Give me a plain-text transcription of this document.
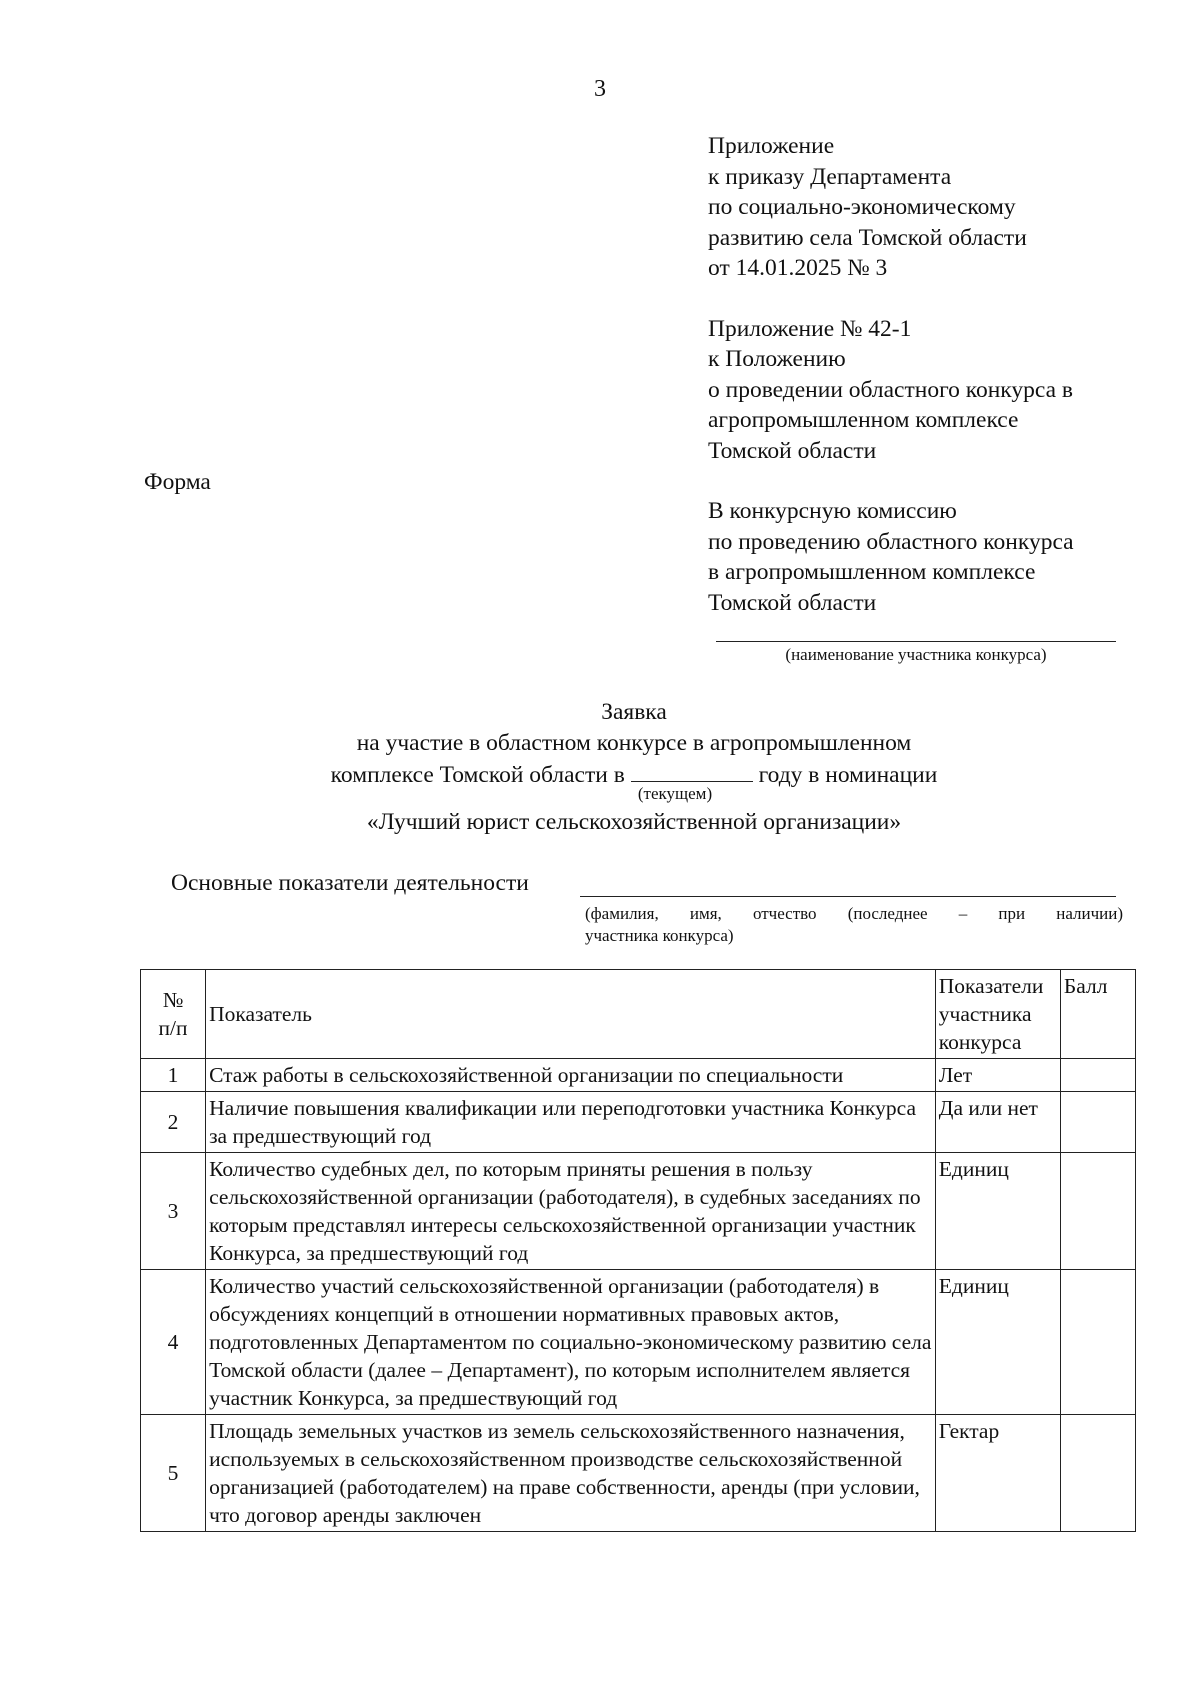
3
Приложение
к приказу Департамента
по социально-экономическому
развитию села Томской области
от 14.01.2025 № 3
Приложение № 42-1
к Положению
о проведении областного конкурса в
агропромышленном комплексе
Томской области
В конкурсную комиссию
по проведению областного конкурса
в агропромышленном комплексе
Томской области
Форма
(наименование участника конкурса)
Заявка
на участие в областном конкурсе в агропромышленном
комплексе Томской области в	году в номинации
(текущем)
«Лучший юрист сельскохозяйственной организации»
Основные показатели деятельности
(фамилия, имя, отчество (последнее – при наличии)
участника конкурса)
№
п/п	Показатель	Показатели участника конкурса	Балл
1	Стаж работы в сельскохозяйственной организации по специальности	Лет	
2	Наличие повышения квалификации или переподготовки участника Конкурса за предшествующий год	Да или нет	
3	Количество судебных дел, по которым приняты решения в пользу сельскохозяйственной организации (работодателя), в судебных заседаниях по которым представлял интересы сельскохозяйственной организации участник Конкурса, за предшествующий год	Единиц	
4	Количество участий сельскохозяйственной организации (работодателя) в обсуждениях концепций в отношении нормативных правовых актов, подготовленных Департаментом по социально-экономическому развитию села Томской области (далее – Департамент), по которым исполнителем является участник Конкурса, за предшествующий год	Единиц	
5	Площадь земельных участков из земель сельскохозяйственного назначения, используемых в сельскохозяйственном производстве сельскохозяйственной организацией (работодателем) на праве собственности, аренды (при условии, что договор аренды заключен	Гектар	
